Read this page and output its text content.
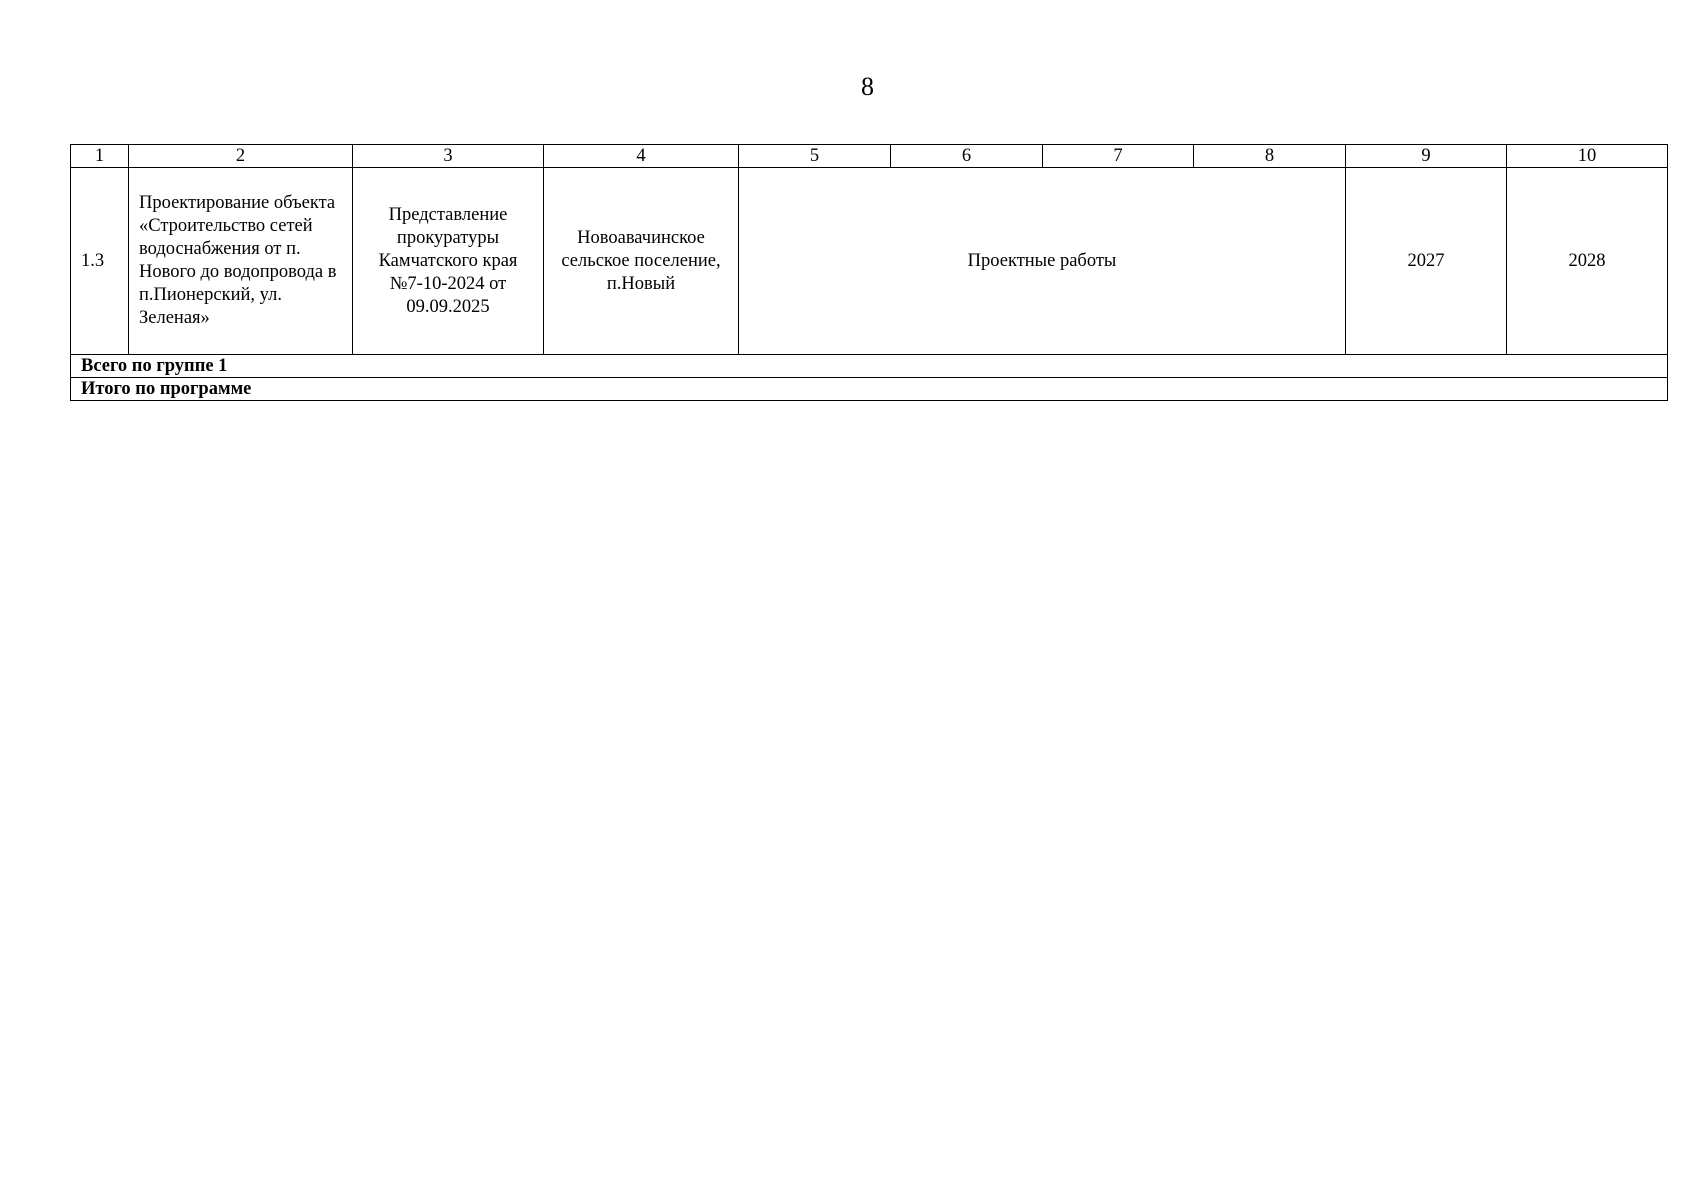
8
1	2	3	4	5	6	7	8	9	10
1.3	Проектирование объекта «Строительство сетей водоснабжения от п. Нового до водопровода в п.Пионерский, ул. Зеленая»	Представление прокуратуры Камчатского края №7-10-2024 от 09.09.2025	Новоавачинское сельское поселение, п.Новый	Проектные работы				2027	2028
Всего по группе 1									
Итого по программе									
